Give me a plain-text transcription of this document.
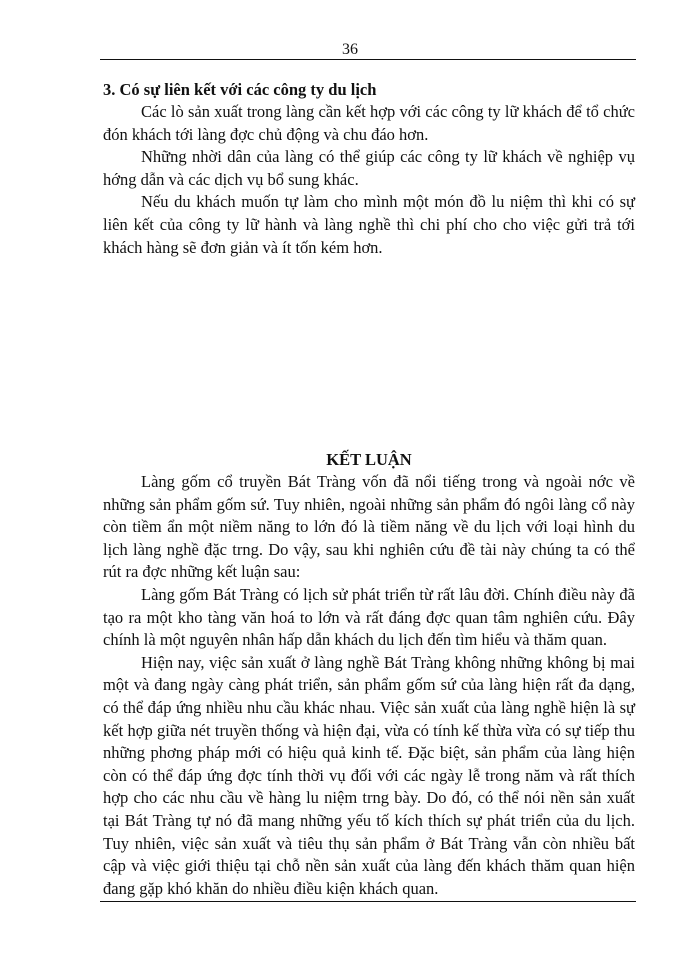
36
3. Có sự liên kết với các công ty du lịch

Các lò sản xuất trong làng cần kết hợp với các công ty lữ khách để tổ chức đón khách tới làng đợc chủ động và chu đáo hơn.

Những nhời dân của làng có thể giúp các công ty lữ khách về nghiệp vụ hớng dẫn và các dịch vụ bổ sung khác.

Nếu du khách muốn tự làm cho mình một món đồ lu niệm thì khi có sự liên kết của công ty lữ hành và làng nghề thì chi phí cho cho việc gửi trả tới khách hàng sẽ đơn giản và ít tốn kém hơn.

KẾT LUẬN

Làng gốm cổ truyền Bát Tràng vốn đã nổi tiếng trong và ngoài nớc về những sản phẩm gốm sứ. Tuy nhiên, ngoài những sản phẩm đó ngôi làng cổ này còn tiềm ẩn một niềm năng to lớn đó là tiềm năng về du lịch với loại hình du lịch làng nghề đặc trng. Do vậy, sau khi nghiên cứu đề tài này chúng ta có thể rút ra đợc những kết luận sau:

Làng gốm Bát Tràng có lịch sử phát triển từ rất lâu đời. Chính điều này đã tạo ra một kho tàng văn hoá to lớn và rất đáng đợc quan tâm nghiên cứu. Đây chính là một nguyên nhân hấp dẫn khách du lịch đến tìm hiểu và thăm quan.

Hiện nay, việc sản xuất ở làng nghề Bát Tràng không những không bị mai một và đang ngày càng phát triển, sản phẩm gốm sứ của làng hiện rất đa dạng, có thể đáp ứng nhiều nhu cầu khác nhau. Việc sản xuất của làng nghề hiện là sự kết hợp giữa nét truyền thống và hiện đại, vừa có tính kế thừa vừa có sự tiếp thu những phơng pháp mới có hiệu quả kinh tế. Đặc biệt, sản phẩm của làng hiện còn có thể đáp ứng đợc tính thời vụ đối với các ngày lễ trong năm và rất thích hợp cho các nhu cầu về hàng lu niệm trng bày. Do đó, có thể nói nền sản xuất tại Bát Tràng tự nó đã mang những yếu tố kích thích sự phát triển của du lịch. Tuy nhiên, việc sản xuất và tiêu thụ sản phẩm ở Bát Tràng vẫn còn nhiều bất cập và việc giới thiệu tại chỗ nền sản xuất của làng đến khách thăm quan hiện đang gặp khó khăn do nhiều điều kiện khách quan.
